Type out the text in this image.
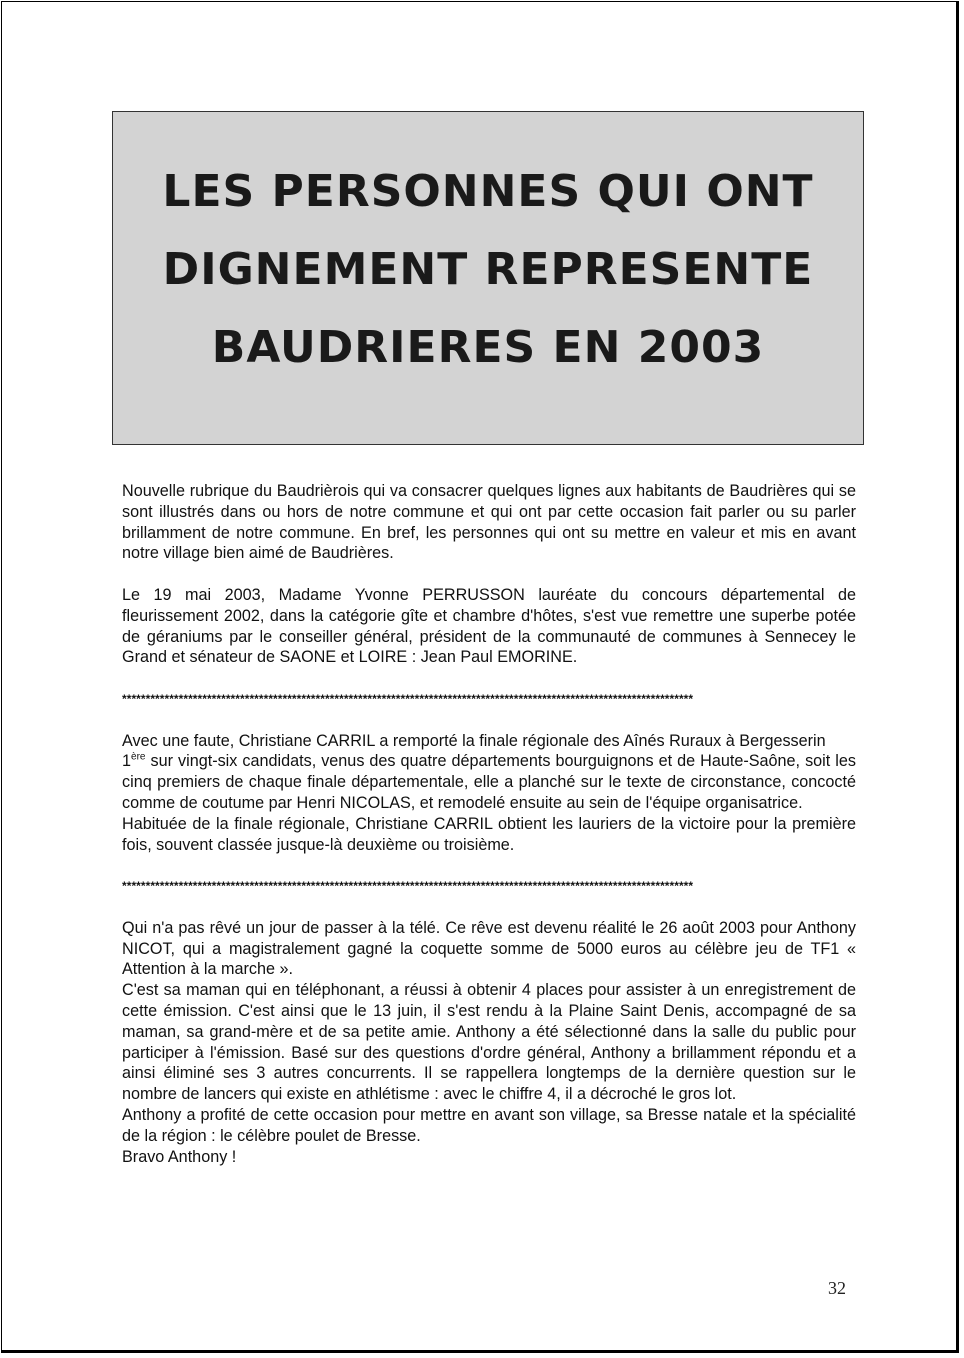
LES PERSONNES QUI ONT
DIGNEMENT REPRESENTE
BAUDRIERES EN 2003

Nouvelle rubrique du Baudrièrois qui va consacrer quelques lignes aux habitants de Baudrières qui se sont illustrés dans ou hors de notre commune et qui ont par cette occasion fait parler ou su parler brillamment de notre commune. En bref, les personnes qui ont su mettre en valeur et mis en avant notre village bien aimé de Baudrières.

Le 19 mai 2003, Madame Yvonne PERRUSSON lauréate du concours départemental de fleurissement 2002, dans la catégorie gîte et chambre d'hôtes, s'est vue remettre une superbe potée de géraniums par le conseiller général, président de la communauté de communes à Sennecey le Grand et sénateur de SAONE et LOIRE : Jean Paul EMORINE.

*************************************************************************************************************************

Avec une faute, Christiane CARRIL a remporté la finale régionale des Aînés Ruraux à Bergesserin

1ère sur vingt-six candidats, venus des quatre départements bourguignons et de Haute-Saône, soit les cinq premiers de chaque finale départementale, elle a planché sur le texte de circonstance, concocté comme de coutume par Henri NICOLAS, et remodelé ensuite au sein de l'équipe organisatrice.

Habituée de la finale régionale, Christiane CARRIL obtient les lauriers de la victoire pour la première fois, souvent classée jusque-là deuxième ou troisième.

*************************************************************************************************************************

Qui n'a pas rêvé un jour de passer à la télé. Ce rêve est devenu réalité le 26 août 2003 pour Anthony NICOT, qui a magistralement gagné la coquette somme de 5000 euros au célèbre jeu de TF1 « Attention à la marche ».

C'est sa maman qui en téléphonant, a réussi à obtenir 4 places pour assister à un enregistrement de cette émission. C'est ainsi que le 13 juin, il s'est rendu à la Plaine Saint Denis, accompagné de sa maman, sa grand-mère et de sa petite amie. Anthony a été sélectionné dans la salle du public pour participer à l'émission. Basé sur des questions d'ordre général, Anthony a brillamment répondu et a ainsi éliminé ses 3 autres concurrents. Il se rappellera longtemps de la dernière question sur le nombre de lancers qui existe en athlétisme : avec le chiffre 4, il a décroché le gros lot.

Anthony a profité de cette occasion pour mettre en avant son village, sa Bresse natale et la spécialité de la région : le célèbre poulet de Bresse.

Bravo Anthony !

32
